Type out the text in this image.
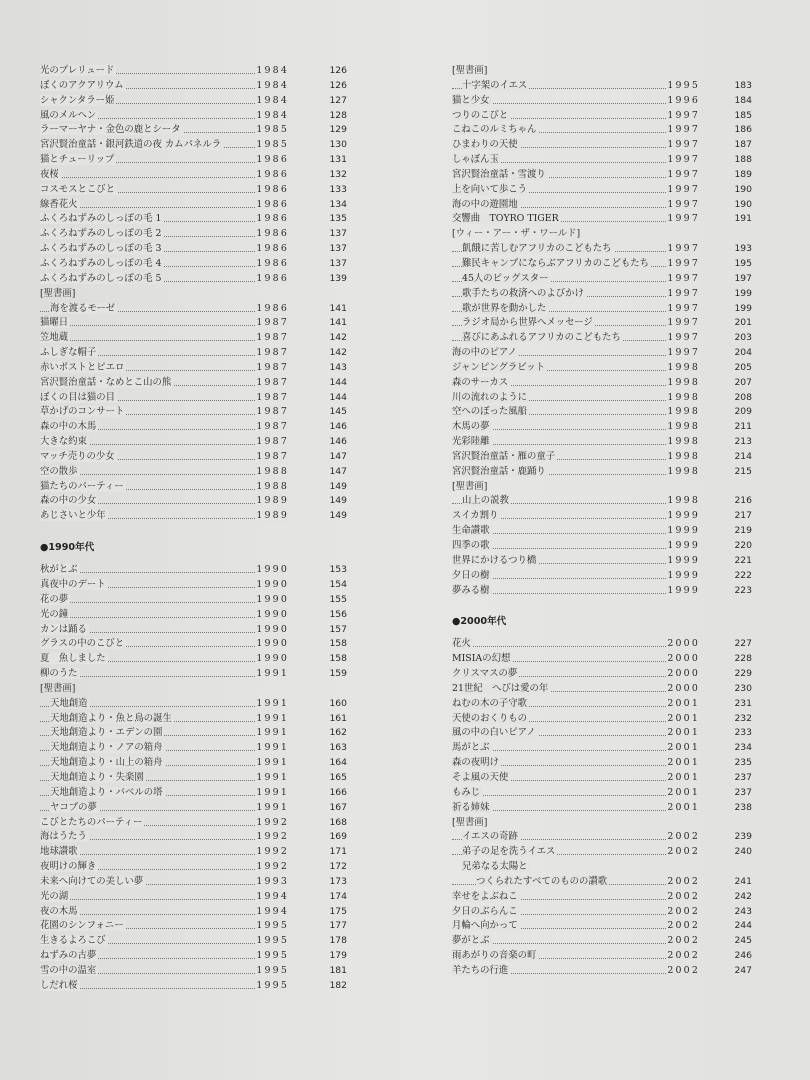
光のプレリュード	1984	126
ぼくのアクアリウム	1984	126
シャクンタラー姫	1984	127
風のメルヘン	1984	128
ラーマーヤナ・金色の鹿とシータ	1985	129
宮沢賢治童話・銀河鉄道の夜 カムパネルラ	1985	130
猫とチューリップ	1986	131
夜桜	1986	132
コスモスとこびと	1986	133
線香花火	1986	134
ふくろねずみのしっぽの毛 1	1986	135
ふくろねずみのしっぽの毛 2	1986	137
ふくろねずみのしっぽの毛 3	1986	137
ふくろねずみのしっぽの毛 4	1986	137
ふくろねずみのしっぽの毛 5	1986	139
[聖書画]
海を渡るモーゼ	1986	141
猫曜日	1987	141
笠地蔵	1987	142
ふしぎな帽子	1987	142
赤いポストとピエロ	1987	143
宮沢賢治童話・なめとこ山の熊	1987	144
ぼくの目は猫の目	1987	144
草かげのコンサート	1987	145
森の中の木馬	1987	146
大きな約束	1987	146
マッチ売りの少女	1987	147
空の散歩	1988	147
猫たちのパーティー	1988	149
森の中の少女	1989	149
あじさいと少年	1989	149
●1990年代
秋がとぶ	1990	153
真夜中のデート	1990	154
花の夢	1990	155
光の鐘	1990	156
カンは踊る	1990	157
グラスの中のこびと	1990	158
夏　魚しました	1990	158
柳のうた	1991	159
[聖書画]
天地創造	1991	160
天地創造より・魚と鳥の誕生	1991	161
天地創造より・エデンの園	1991	162
天地創造より・ノアの箱舟	1991	163
天地創造より・山上の箱舟	1991	164
天地創造より・失楽園	1991	165
天地創造より・バベルの塔	1991	166
ヤコブの夢	1991	167
こびとたちのパーティー	1992	168
海はうたう	1992	169
地球讃歌	1992	171
夜明けの輝き	1992	172
未来へ向けての美しい夢	1993	173
光の湖	1994	174
夜の木馬	1994	175
花園のシンフォニー	1995	177
生きるよろこび	1995	178
ねずみの古夢	1995	179
雪の中の温室	1995	181
しだれ桜	1995	182
[聖書画]
十字架のイエス	1995	183
猫と少女	1996	184
つりのこびと	1997	185
こねこのルミちゃん	1997	186
ひまわりの天使	1997	187
しゃぼん玉	1997	188
宮沢賢治童話・雪渡り	1997	189
上を向いて歩こう	1997	190
海の中の遊園地	1997	190
交響曲　TOYRO TIGER	1997	191
[ウィー・アー・ザ・ワールド]
飢餓に苦しむアフリカのこどもたち	1997	193
難民キャンプにならぶアフリカのこどもたち 1997	195
45人のビッグスター	1997	197
歌手たちの救済へのよびかけ	1997	199
歌が世界を動かした	1997	199
ラジオ局から世界へメッセージ	1997	201
喜びにあふれるアフリカのこどもたち	1997	203
海の中のピアノ	1997	204
ジャンピングラビット	1998	205
森のサーカス	1998	207
川の流れのように	1998	208
空へのぼった風船	1998	209
木馬の夢	1998	211
光彩陸離	1998	213
宮沢賢治童話・雁の童子	1998	214
宮沢賢治童話・鹿踊り	1998	215
[聖書画]
山上の説教	1998	216
スイカ割り	1999	217
生命讃歌	1999	219
四季の歌	1999	220
世界にかけるつり橋	1999	221
夕日の樹	1999	222
夢みる樹	1999	223
●2000年代
花火	2000	227
MISIAの幻想	2000	228
クリスマスの夢	2000	229
21世紀　へびは愛の年	2000	230
ねむの木の子守歌	2001	231
天使のおくりもの	2001	232
風の中の白いピアノ	2001	233
馬がとぶ	2001	234
森の夜明け	2001	235
そよ風の天使	2001	237
もみじ	2001	237
祈る姉妹	2001	238
[聖書画]
イエスの奇跡	2002	239
弟子の足を洗うイエス	2002	240
兄弟なる太陽と
つくられたすべてのものの讃歌	2002	241
幸せをよぶねこ	2002	242
夕日のぶらんこ	2002	243
月輪へ向かって	2002	244
夢がとぶ	2002	245
雨あがりの音楽の町	2002	246
羊たちの行進	2002	247
